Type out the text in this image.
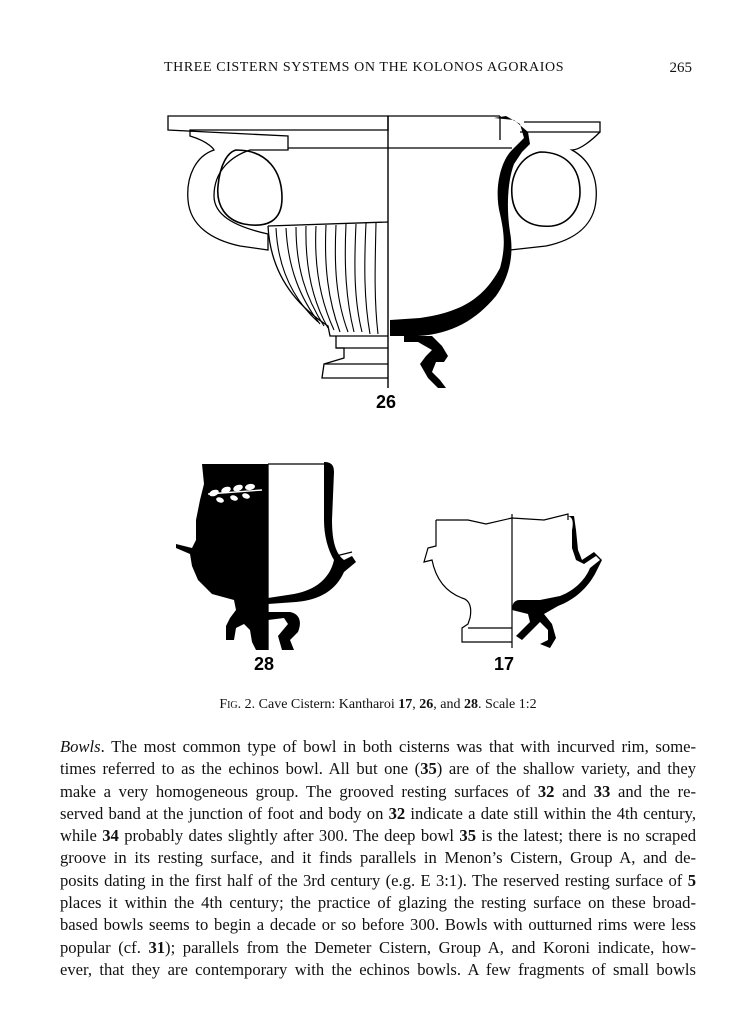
THREE CISTERN SYSTEMS ON THE KOLONOS AGORAIOS	265
26
28	17
Fig. 2. Cave Cistern: Kantharoi 17, 26, and 28. Scale 1:2
Bowls. The most common type of bowl in both cisterns was that with incurved rim, some-
times referred to as the echinos bowl. All but one (35) are of the shallow variety, and they
make a very homogeneous group. The grooved resting surfaces of 32 and 33 and the re-
served band at the junction of foot and body on 32 indicate a date still within the 4th century,
while 34 probably dates slightly after 300. The deep bowl 35 is the latest; there is no scraped
groove in its resting surface, and it finds parallels in Menon’s Cistern, Group A, and de-
posits dating in the first half of the 3rd century (e.g. E 3:1). The reserved resting surface of 5
places it within the 4th century; the practice of glazing the resting surface on these broad-
based bowls seems to begin a decade or so before 300. Bowls with outturned rims were less
popular (cf. 31); parallels from the Demeter Cistern, Group A, and Koroni indicate, how-
ever, that they are contemporary with the echinos bowls. A few fragments of small bowls
